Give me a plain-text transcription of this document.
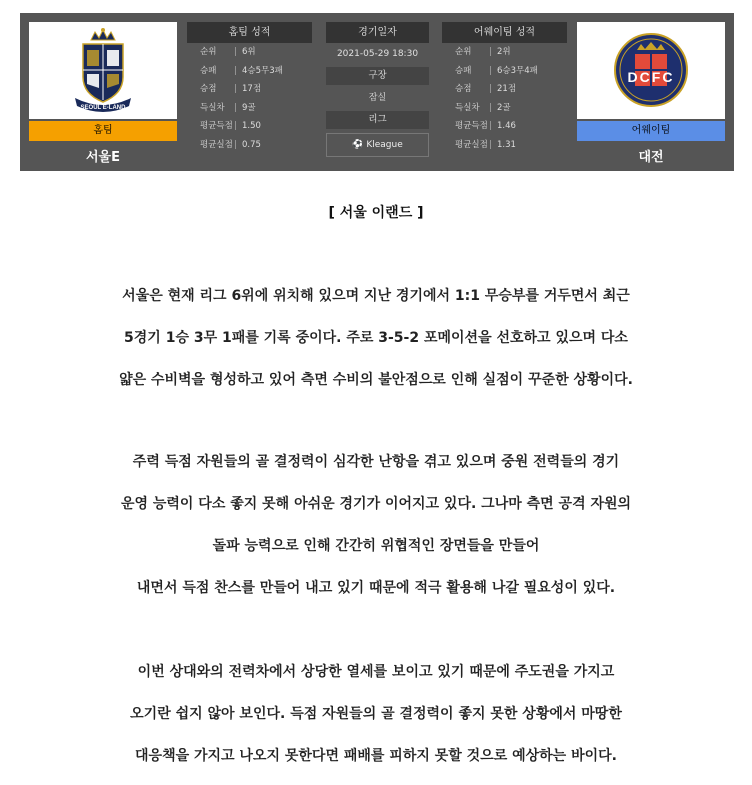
SEOUL E-LAND
홈팀
서울E
홈팀 성적
순위 | 6위
승패 | 4승5무3패
승점 | 17점
득실차 | 9골
평균득점| 1.50
평균실점| 0.75
경기일자
2021-05-29 18:30
구장
잠실
리그
⚽ Kleague
어웨이팀 성적
순위 | 2위
승패 | 6승3무4패
승점 | 21점
득실차 | 2골
평균득점| 1.46
평균실점| 1.31
DCFC
어웨이팀
대전
[ 서울 이랜드 ]

서울은 현재 리그 6위에 위치해 있으며 지난 경기에서 1:1 무승부를 거두면서 최근

5경기 1승 3무 1패를 기록 중이다. 주로 3-5-2 포메이션을 선호하고 있으며 다소

얇은 수비벽을 형성하고 있어 측면 수비의 불안점으로 인해 실점이 꾸준한 상황이다.

주력 득점 자원들의 골 결정력이 심각한 난항을 겪고 있으며 중원 전력들의 경기

운영 능력이 다소 좋지 못해 아쉬운 경기가 이어지고 있다. 그나마 측면 공격 자원의

돌파 능력으로 인해 간간히 위협적인 장면들을 만들어

내면서 득점 찬스를 만들어 내고 있기 때문에 적극 활용해 나갈 필요성이 있다.

이번 상대와의 전력차에서 상당한 열세를 보이고 있기 때문에 주도권을 가지고

오기란 쉽지 않아 보인다. 득점 자원들의 골 결정력이 좋지 못한 상황에서 마땅한

대응책을 가지고 나오지 못한다면 패배를 피하지 못할 것으로 예상하는 바이다.
